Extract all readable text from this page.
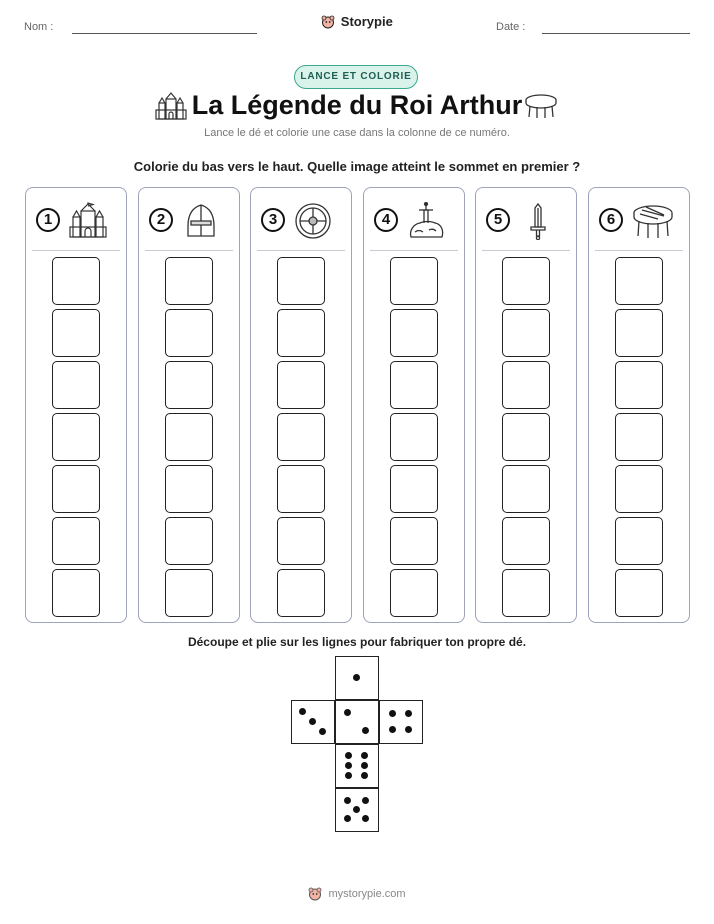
Nom :	Storypie	Date :
LANCE ET COLORIE
La Légende du Roi Arthur
Lance le dé et colorie une case dans la colonne de ce numéro.
Colorie du bas vers le haut. Quelle image atteint le sommet en premier ?
1	2	3	4	5	6
Découpe et plie sur les lignes pour fabriquer ton propre dé.
mystorypie.com
